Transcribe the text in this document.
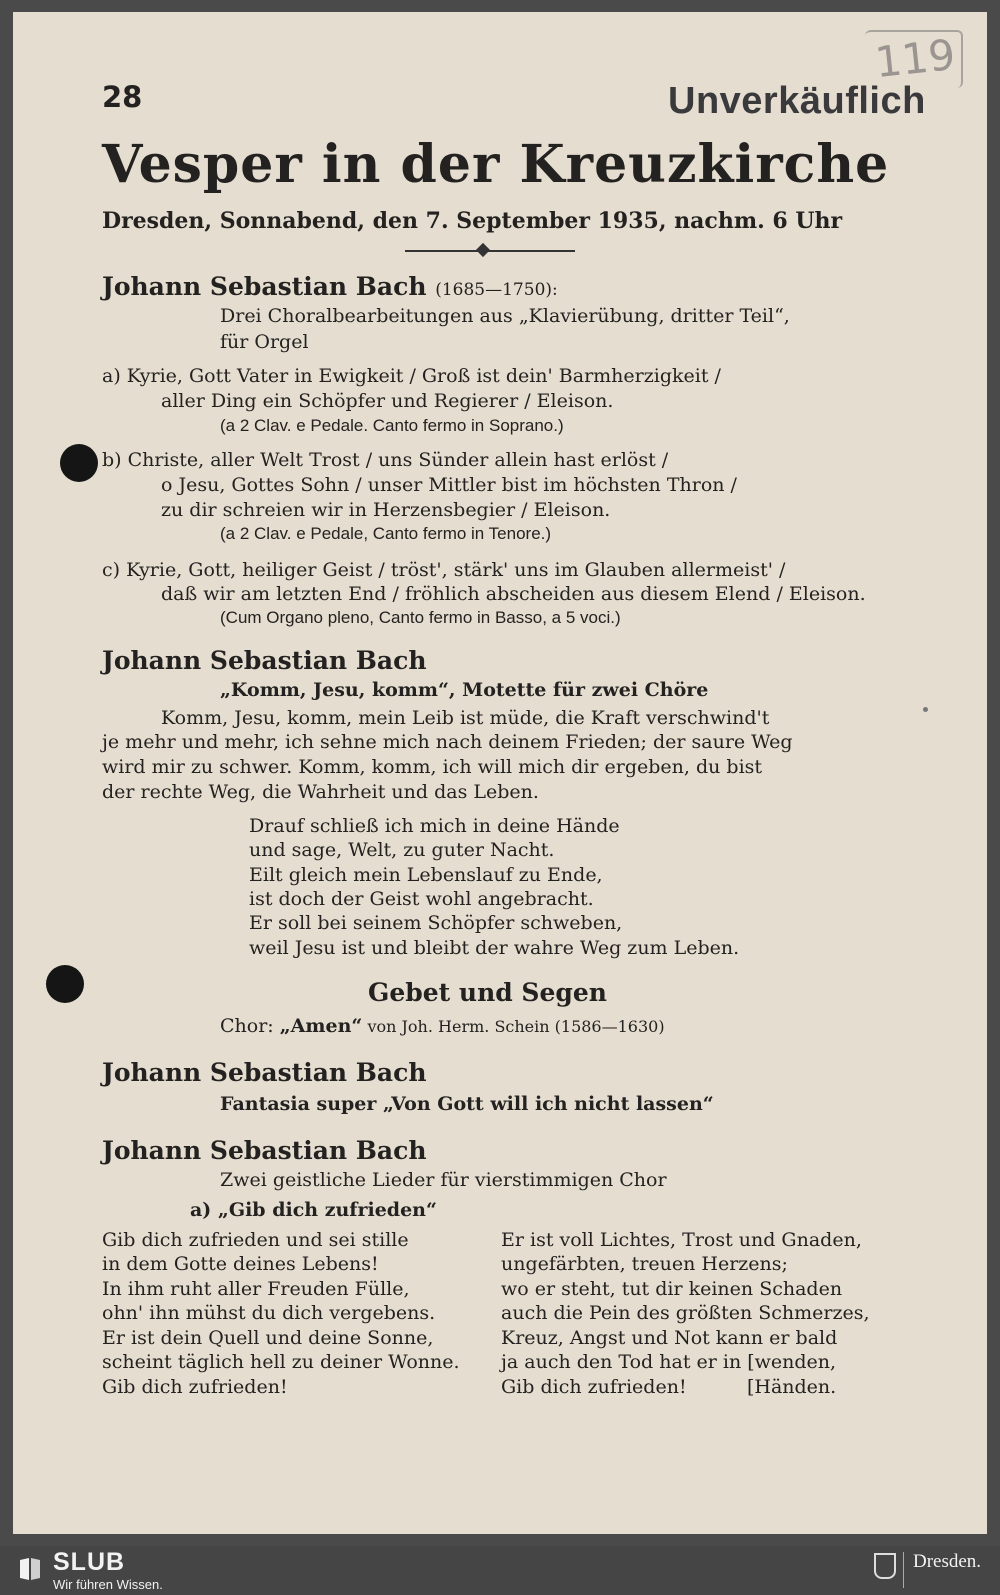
119
28	Unverkäuflich
Vesper in der Kreuzkirche
Dresden, Sonnabend, den 7. September 1935, nachm. 6 Uhr
Johann Sebastian Bach (1685—1750):
Drei Choralbearbeitungen aus „Klavierübung, dritter Teil“,
für Orgel
a) Kyrie, Gott Vater in Ewigkeit / Groß ist dein' Barmherzigkeit /
aller Ding ein Schöpfer und Regierer / Eleison.
(a 2 Clav. e Pedale. Canto fermo in Soprano.)
b) Christe, aller Welt Trost / uns Sünder allein hast erlöst /
o Jesu, Gottes Sohn / unser Mittler bist im höchsten Thron /
zu dir schreien wir in Herzensbegier / Eleison.
(a 2 Clav. e Pedale, Canto fermo in Tenore.)
c) Kyrie, Gott, heiliger Geist / tröst', stärk' uns im Glauben allermeist' /
daß wir am letzten End / fröhlich abscheiden aus diesem Elend / Eleison.
(Cum Organo pleno, Canto fermo in Basso, a 5 voci.)
Johann Sebastian Bach
„Komm, Jesu, komm“, Motette für zwei Chöre
Komm, Jesu, komm, mein Leib ist müde, die Kraft verschwind't
je mehr und mehr, ich sehne mich nach deinem Frieden; der saure Weg
wird mir zu schwer. Komm, komm, ich will mich dir ergeben, du bist
der rechte Weg, die Wahrheit und das Leben.
Drauf schließ ich mich in deine Hände
und sage, Welt, zu guter Nacht.
Eilt gleich mein Lebenslauf zu Ende,
ist doch der Geist wohl angebracht.
Er soll bei seinem Schöpfer schweben,
weil Jesu ist und bleibt der wahre Weg zum Leben.
Gebet und Segen
Chor: „Amen“ von Joh. Herm. Schein (1586—1630)
Johann Sebastian Bach
Fantasia super „Von Gott will ich nicht lassen“
Johann Sebastian Bach
Zwei geistliche Lieder für vierstimmigen Chor
a) „Gib dich zufrieden“
Gib dich zufrieden und sei stille
in dem Gotte deines Lebens!
In ihm ruht aller Freuden Fülle,
ohn' ihn mühst du dich vergebens.
Er ist dein Quell und deine Sonne,
scheint täglich hell zu deiner Wonne.
Gib dich zufrieden!
Er ist voll Lichtes, Trost und Gnaden,
ungefärbten, treuen Herzens;
wo er steht, tut dir keinen Schaden
auch die Pein des größten Schmerzes,
Kreuz, Angst und Not kann er bald
ja auch den Tod hat er in [wenden,
Gib dich zufrieden!          [Händen.
SLUB
Wir führen Wissen.
Dresden.
